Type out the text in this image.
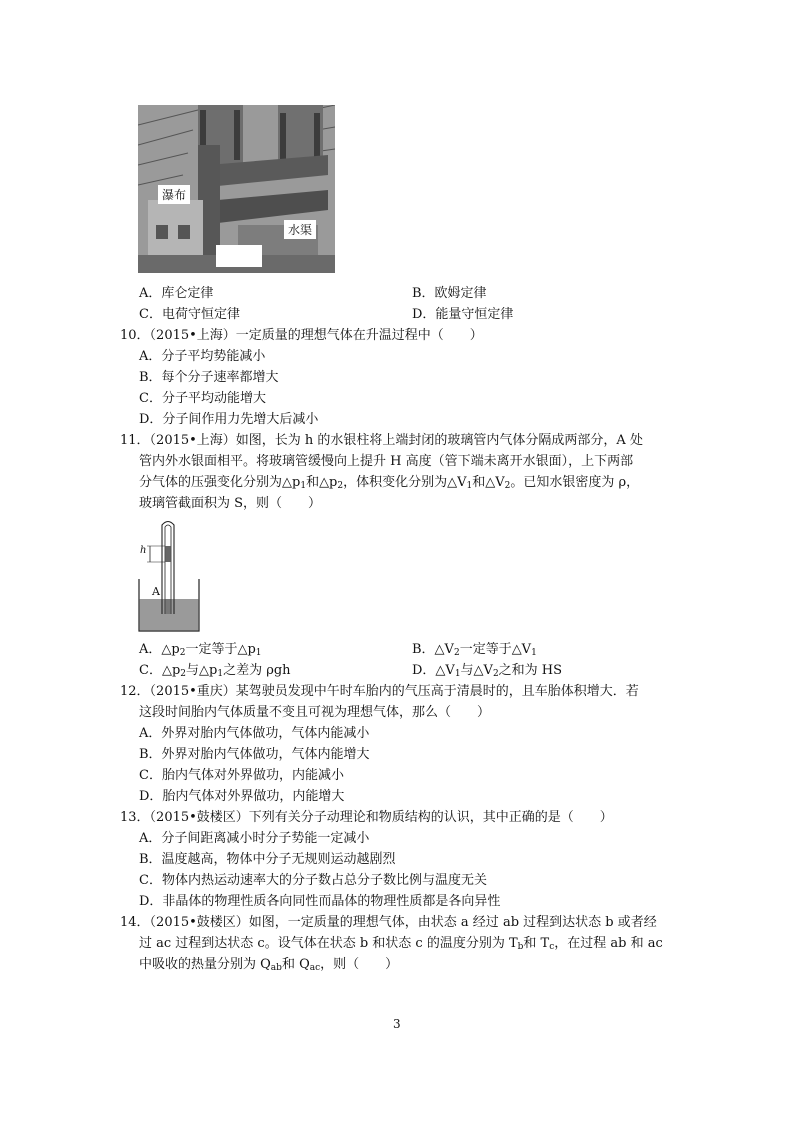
瀑布
水渠
A．库仑定律	B．欧姆定律
C．电荷守恒定律	D．能量守恒定律
10．（2015•上海）一定质量的理想气体在升温过程中（　　）
A．分子平均势能减小
B．每个分子速率都增大
C．分子平均动能增大
D．分子间作用力先增大后减小
11．（2015•上海）如图，长为 h 的水银柱将上端封闭的玻璃管内气体分隔成两部分，A 处
管内外水银面相平。将玻璃管缓慢向上提升 H 高度（管下端未离开水银面），上下两部
分气体的压强变化分别为$\triangle p_1$和$\triangle p_2$，体积变化分别为$\triangle V_1$和$\triangle V_2$。已知水银密度为 ρ，
玻璃管截面积为 S，则（　　）
h
A
A．$\triangle p_2$一定等于$\triangle p_1$	B．$\triangle V_2$一定等于$\triangle V_1$
C．$\triangle p_2$与$\triangle p_1$之差为 ρgh	D．$\triangle V_1$与$\triangle V_2$之和为 HS
12．（2015•重庆）某驾驶员发现中午时车胎内的气压高于清晨时的，且车胎体积增大．若
这段时间胎内气体质量不变且可视为理想气体，那么（　　）
A．外界对胎内气体做功，气体内能减小
B．外界对胎内气体做功，气体内能增大
C．胎内气体对外界做功，内能减小
D．胎内气体对外界做功，内能增大
13．（2015•鼓楼区）下列有关分子动理论和物质结构的认识，其中正确的是（　　）
A．分子间距离减小时分子势能一定减小
B．温度越高，物体中分子无规则运动越剧烈
C．物体内热运动速率大的分子数占总分子数比例与温度无关
D．非晶体的物理性质各向同性而晶体的物理性质都是各向异性
14．（2015•鼓楼区）如图，一定质量的理想气体，由状态 a 经过 ab 过程到达状态 b 或者经
过 ac 过程到达状态 c。设气体在状态 b 和状态 c 的温度分别为 $T_b$和 $T_c$，在过程 ab 和 ac
中吸收的热量分别为 $Q_{ab}$和 $Q_{ac}$，则（　　）
3
